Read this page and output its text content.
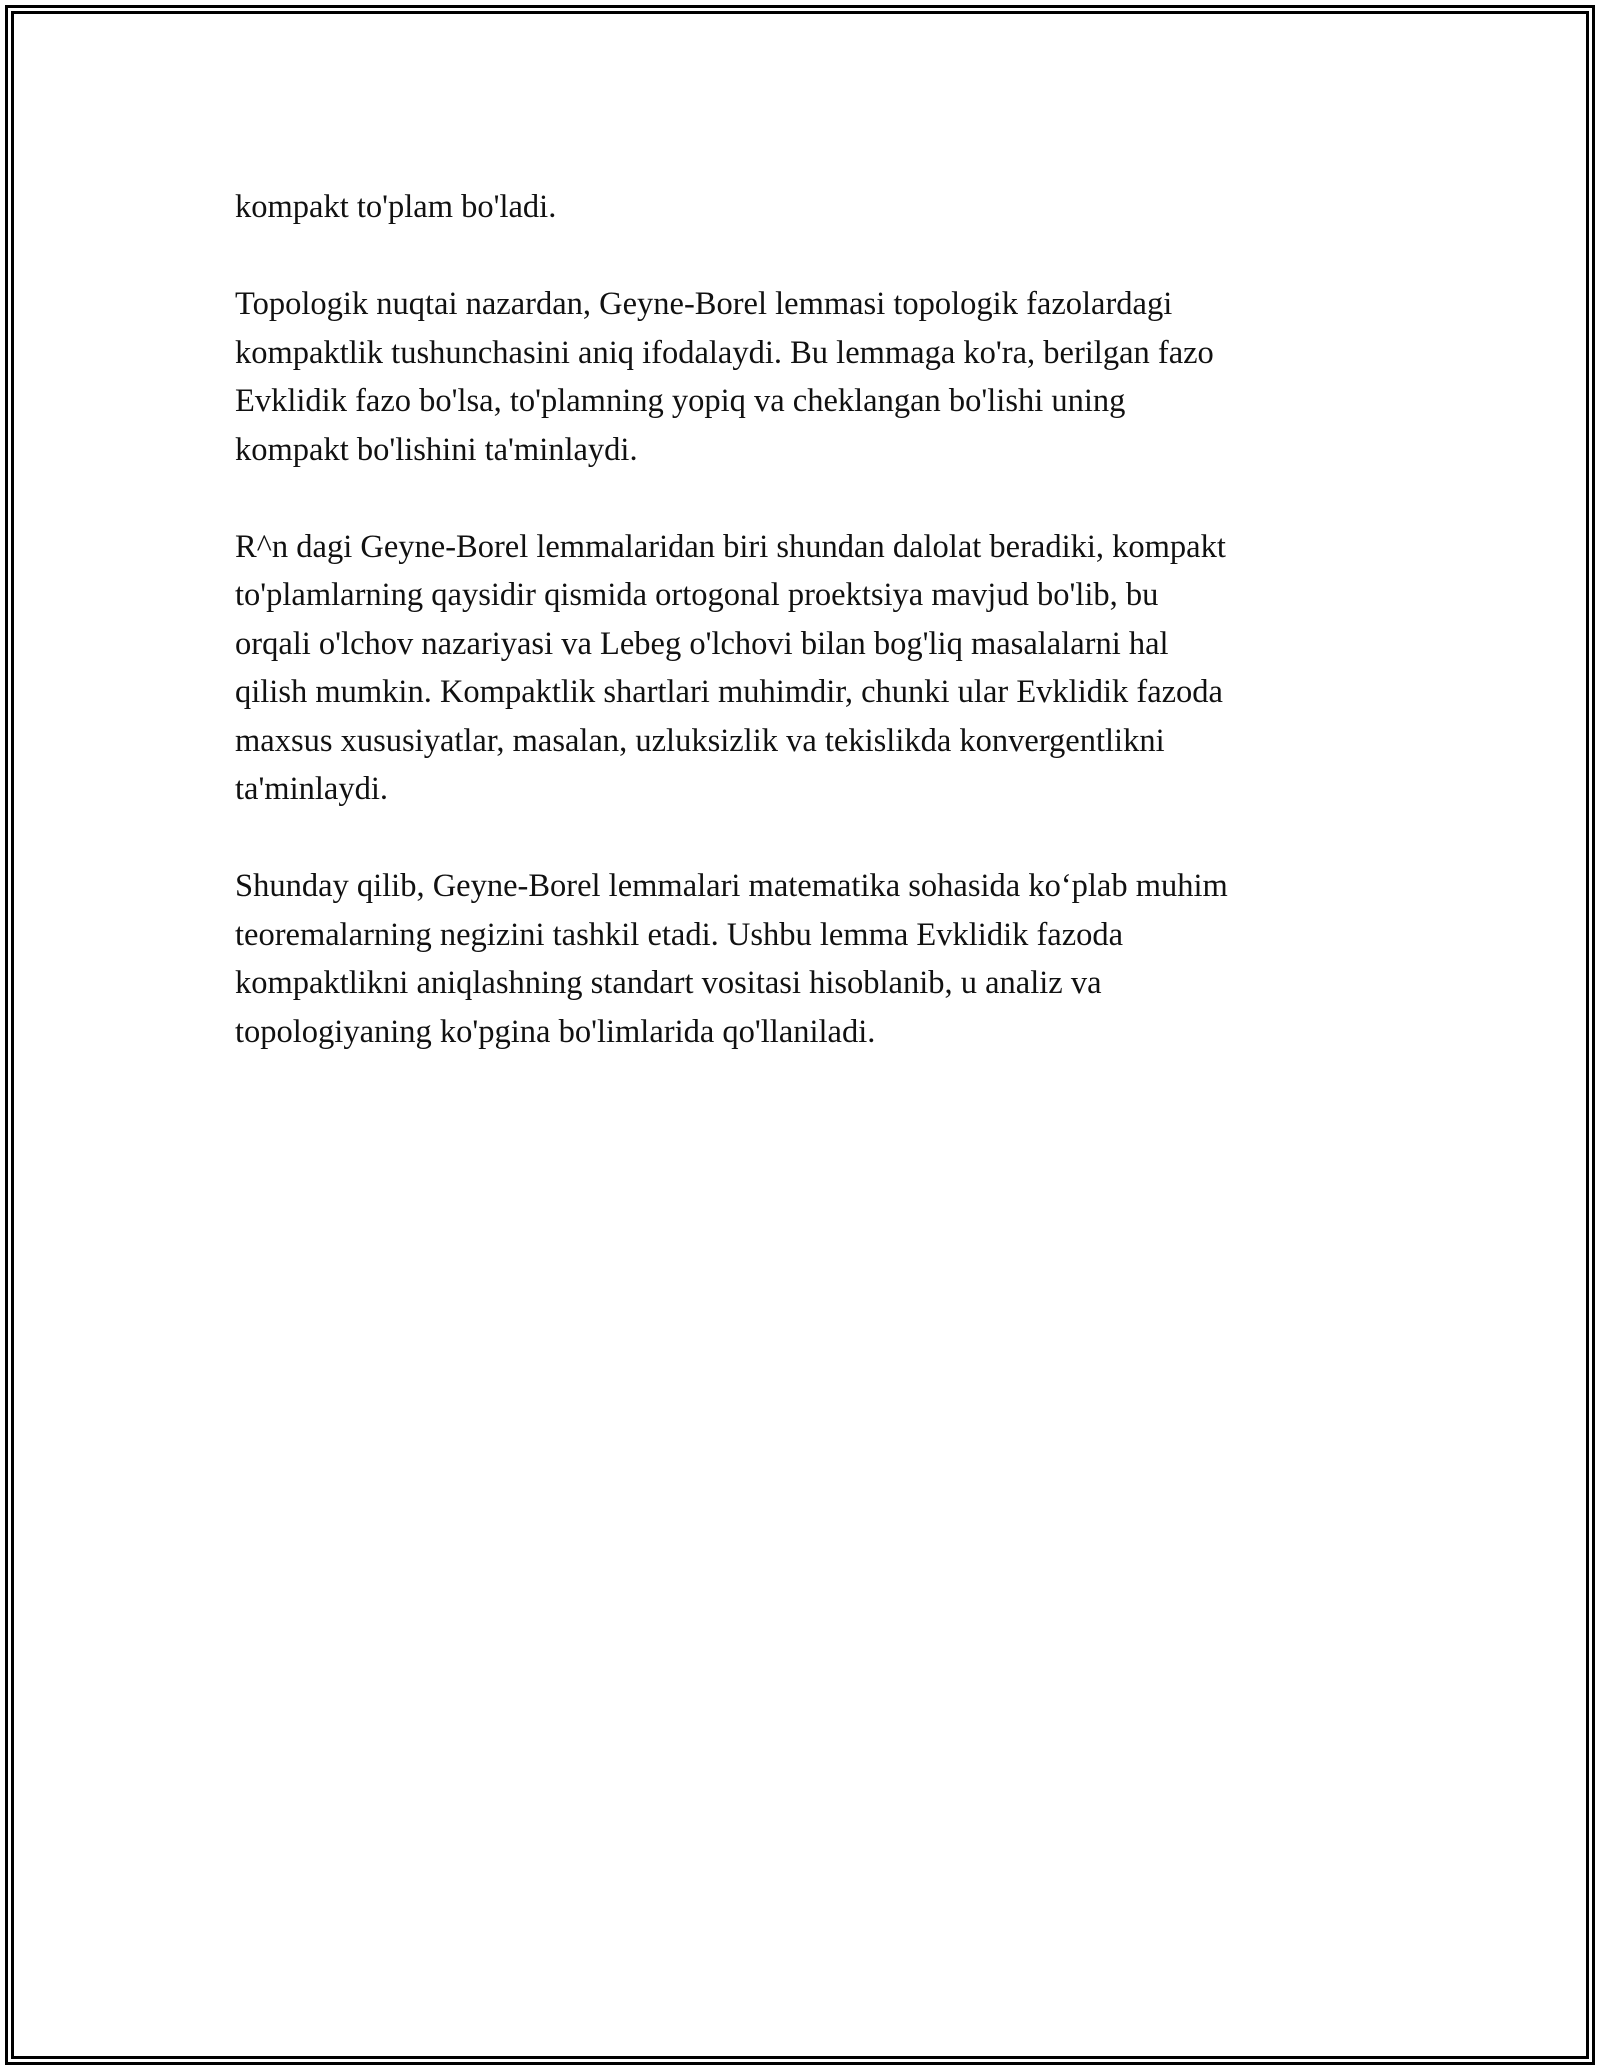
kompakt to'plam bo'ladi.

Topologik nuqtai nazardan, Geyne-Borel lemmasi topologik fazolardagi
kompaktlik tushunchasini aniq ifodalaydi. Bu lemmaga ko'ra, berilgan fazo
Evklidik fazo bo'lsa, to'plamning yopiq va cheklangan bo'lishi uning
kompakt bo'lishini ta'minlaydi.

R^n dagi Geyne-Borel lemmalaridan biri shundan dalolat beradiki, kompakt
to'plamlarning qaysidir qismida ortogonal proektsiya mavjud bo'lib, bu
orqali o'lchov nazariyasi va Lebeg o'lchovi bilan bog'liq masalalarni hal
qilish mumkin. Kompaktlik shartlari muhimdir, chunki ular Evklidik fazoda
maxsus xususiyatlar, masalan, uzluksizlik va tekislikda konvergentlikni
ta'minlaydi.

Shunday qilib, Geyne-Borel lemmalari matematika sohasida ko‘plab muhim
teoremalarning negizini tashkil etadi. Ushbu lemma Evklidik fazoda
kompaktlikni aniqlashning standart vositasi hisoblanib, u analiz va
topologiyaning ko'pgina bo'limlarida qo'llaniladi.
